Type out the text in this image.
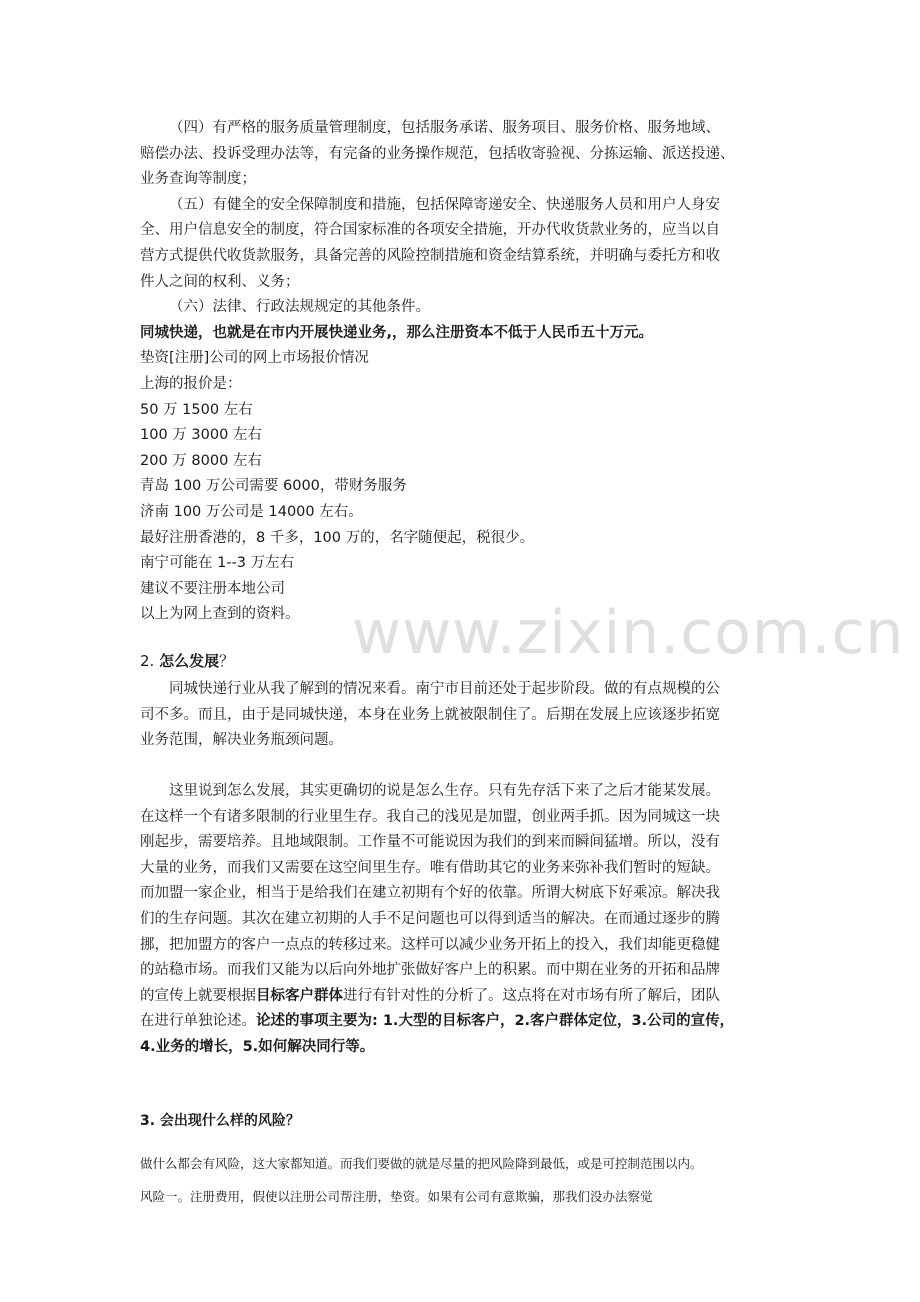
（四）有严格的服务质量管理制度，包括服务承诺、服务项目、服务价格、服务地域、
赔偿办法、投诉受理办法等，有完备的业务操作规范，包括收寄验视、分拣运输、派送投递、
业务查询等制度；
（五）有健全的安全保障制度和措施，包括保障寄递安全、快递服务人员和用户人身安
全、用户信息安全的制度，符合国家标准的各项安全措施，开办代收货款业务的，应当以自
营方式提供代收货款服务，具备完善的风险控制措施和资金结算系统，并明确与委托方和收
件人之间的权利、义务；
（六）法律、行政法规规定的其他条件。
同城快递，也就是在市内开展快递业务,，那么注册资本不低于人民币五十万元。
垫资[注册]公司的网上市场报价情况
上海的报价是：
50 万 1500 左右
100 万 3000 左右
200 万 8000 左右
青岛 100 万公司需要 6000，带财务服务
济南 100 万公司是 14000 左右。
最好注册香港的，8 千多，100 万的，名字随便起，税很少。
南宁可能在 1--3 万左右
建议不要注册本地公司
以上为网上查到的资料。
2. 怎么发展？
同城快递行业从我了解到的情况来看。南宁市目前还处于起步阶段。做的有点规模的公
司不多。而且，由于是同城快递，本身在业务上就被限制住了。后期在发展上应该逐步拓宽
业务范围，解决业务瓶颈问题。
这里说到怎么发展，其实更确切的说是怎么生存。只有先存活下来了之后才能某发展。
在这样一个有诸多限制的行业里生存。我自己的浅见是加盟，创业两手抓。因为同城这一块
刚起步，需要培养。且地域限制。工作量不可能说因为我们的到来而瞬间猛增。所以，没有
大量的业务，而我们又需要在这空间里生存。唯有借助其它的业务来弥补我们暂时的短缺。
而加盟一家企业，相当于是给我们在建立初期有个好的依靠。所谓大树底下好乘凉。解决我
们的生存问题。其次在建立初期的人手不足问题也可以得到适当的解决。在而通过逐步的腾
挪，把加盟方的客户一点点的转移过来。这样可以减少业务开拓上的投入，我们却能更稳健
的站稳市场。而我们又能为以后向外地扩张做好客户上的积累。而中期在业务的开拓和品牌
的宣传上就要根据目标客户群体进行有针对性的分析了。这点将在对市场有所了解后，团队
在进行单独论述。论述的事项主要为: 1.大型的目标客户，2.客户群体定位，3.公司的宣传，
4.业务的增长，5.如何解决同行等。
3. 会出现什么样的风险？
做什么都会有风险，这大家都知道。而我们要做的就是尽量的把风险降到最低，或是可控制范围以内。
风险一。注册费用，假使以注册公司帮注册，垫资。如果有公司有意欺骗，那我们没办法察觉
www.zixin.com.cn
